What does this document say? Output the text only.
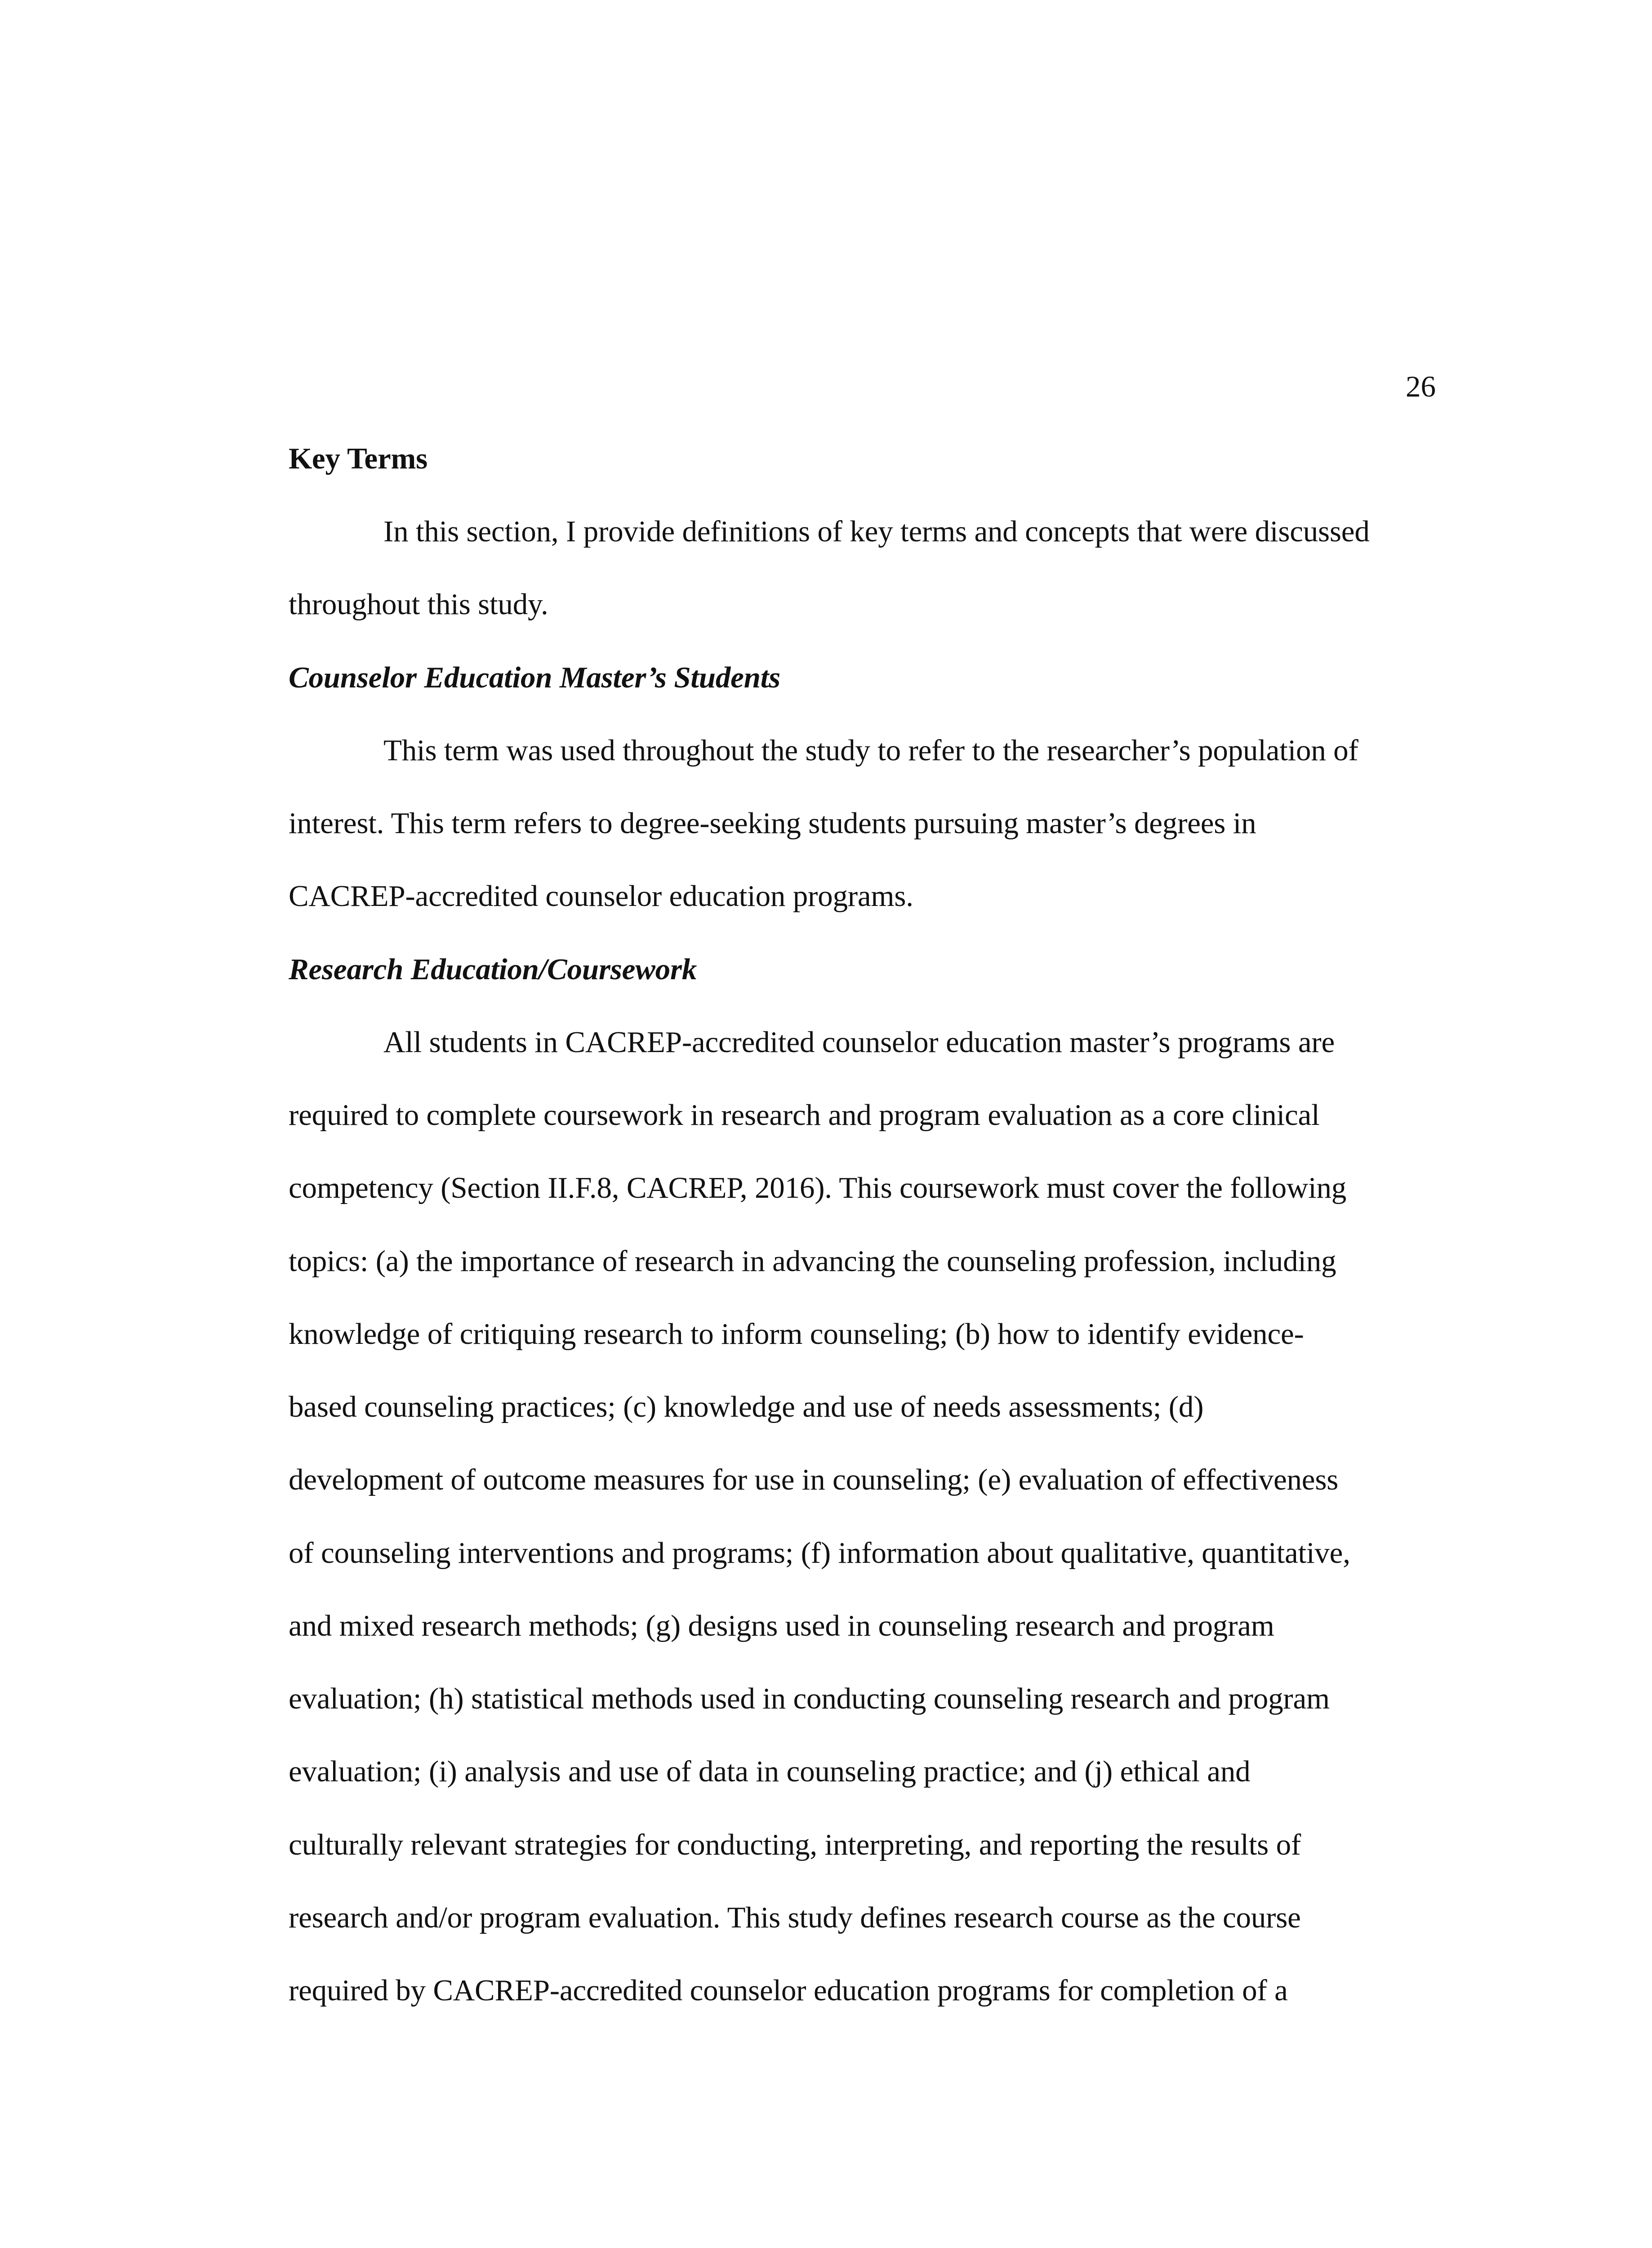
26
Key Terms
In this section, I provide definitions of key terms and concepts that were discussed
throughout this study.
Counselor Education Master’s Students
This term was used throughout the study to refer to the researcher’s population of
interest. This term refers to degree-seeking students pursuing master’s degrees in
CACREP-accredited counselor education programs.
Research Education/Coursework
All students in CACREP-accredited counselor education master’s programs are
required to complete coursework in research and program evaluation as a core clinical
competency (Section II.F.8, CACREP, 2016). This coursework must cover the following
topics: (a) the importance of research in advancing the counseling profession, including
knowledge of critiquing research to inform counseling; (b) how to identify evidence-
based counseling practices; (c) knowledge and use of needs assessments; (d)
development of outcome measures for use in counseling; (e) evaluation of effectiveness
of counseling interventions and programs; (f) information about qualitative, quantitative,
and mixed research methods; (g) designs used in counseling research and program
evaluation; (h) statistical methods used in conducting counseling research and program
evaluation; (i) analysis and use of data in counseling practice; and (j) ethical and
culturally relevant strategies for conducting, interpreting, and reporting the results of
research and/or program evaluation. This study defines research course as the course
required by CACREP-accredited counselor education programs for completion of a
